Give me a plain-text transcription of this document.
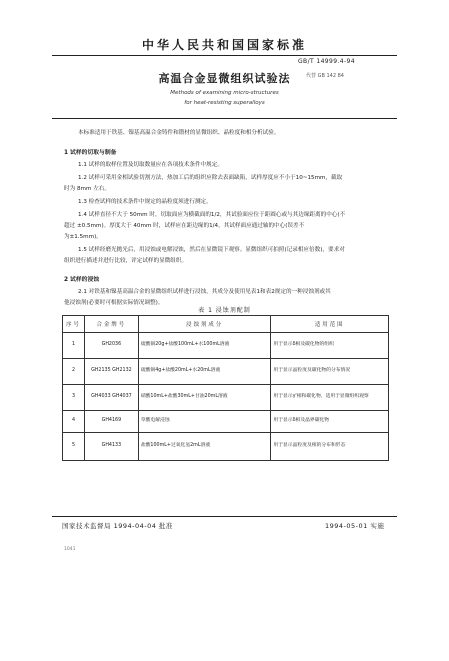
中华人民共和国国家标准
GB/T 14999.4-94
代替 GB 142 84
高温合金显微组织试验法
Methods of examining micro-structures
for heat-resisting superalloys
本标准适用于铁基、镍基高温合金铸件和锻材的显微组织、晶粒度和相分析试验。
1 试样的切取与制备
1.1 试样的取样位置及切取数量应在各项技术条件中规定。
1.2 试样可采用金相试验切割方法，热加工后的组织应除去表面缺陷，试样厚度应不小于10~15mm，截取
时为 8mm 左右。
1.3 检查试样的技术条件中规定的晶粒度须进行测定。
1.4 试样直径不大于 50mm 时，切取面应为横截面的1/2，其试验面应位于距圆心或与其边缘距离的中心(不
超过 ±0.5mm)。厚度大于 40mm 时，试样应在距边缘的1/4，其试样面应通过轴的中心(误差不
为±1.5mm)。
1.5 试样经磨光抛光后，用浸蚀或电解浸蚀，然后在显微镜下观察。显微组织可拍照(记录相应倍数)，要求对
组织进行描述并进行比较，评定试样的显微组织。
2 试样的浸蚀
2.1 对铁基和镍基高温合金的显微组织试样进行浸蚀，其成分及使用见表1和表2规定的一种浸蚀剂或其
他浸蚀剂(必要时可根据实际情况调整)。
表 1 浸蚀剂配制
序号	合金牌号	浸蚀剂成分	适用范围
1	GH2036	硫酸铜20g+盐酸100mL+水100mL溶液	用于显示δ相及碳化物的组织
2	GH2135 GH2132	硫酸铜4g+盐酸20mL+水20mL溶液	用于显示晶粒度及碳化物的分布情况
3	GH4033 GH4037	硝酸10mL+盐酸30mL+甘油20mL溶液	用于显示γ'相和碳化物，适用于显微组织观察
4	GH4169	草酸电解浸蚀	用于显示δ相及晶界碳化物
5	GH4133	盐酸100mL+过氧化氢2mL溶液	用于显示晶粒度及相的分布和形态
国家技术监督局 1994-04-04 批准	1994-05-01 实施
1041
